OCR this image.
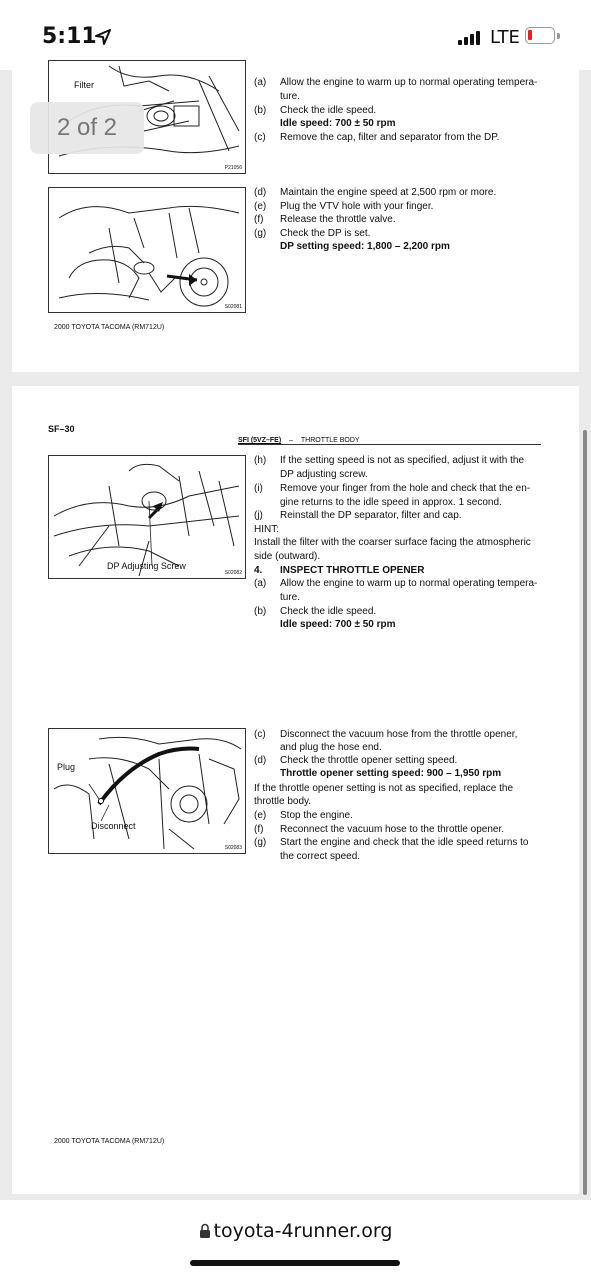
5:11	LTE
Filter
P21056
(a) Allow the engine to warm up to normal operating tempera-
ture.
(b) Check the idle speed.
Idle speed: 700 ± 50 rpm
(c) Remove the cap, filter and separator from the DP.
S02081
(d) Maintain the engine speed at 2,500 rpm or more.
(e) Plug the VTV hole with your finger.
(f) Release the throttle valve.
(g) Check the DP is set.
DP setting speed: 1,800 – 2,200 rpm
2000 TOYOTA TACOMA (RM712U)
2 of 2
SF–30
SFI (5VZ–FE) – THROTTLE BODY
DP Adjusting Screw
S02082
(h) If the setting speed is not as specified, adjust it with the
DP adjusting screw.
(i) Remove your finger from the hole and check that the en-
gine returns to the idle speed in approx. 1 second.
(j) Reinstall the DP separator, filter and cap.
HINT:
Install the filter with the coarser surface facing the atmospheric
side (outward).
4. INSPECT THROTTLE OPENER
(a) Allow the engine to warm up to normal operating tempera-
ture.
(b) Check the idle speed.
Idle speed: 700 ± 50 rpm
Plug
Disconnect
S02083
(c) Disconnect the vacuum hose from the throttle opener,
and plug the hose end.
(d) Check the throttle opener setting speed.
Throttle opener setting speed: 900 – 1,950 rpm
If the throttle opener setting is not as specified, replace the
throttle body.
(e) Stop the engine.
(f) Reconnect the vacuum hose to the throttle opener.
(g) Start the engine and check that the idle speed returns to
the correct speed.
2000 TOYOTA TACOMA (RM712U)
toyota-4runner.org
